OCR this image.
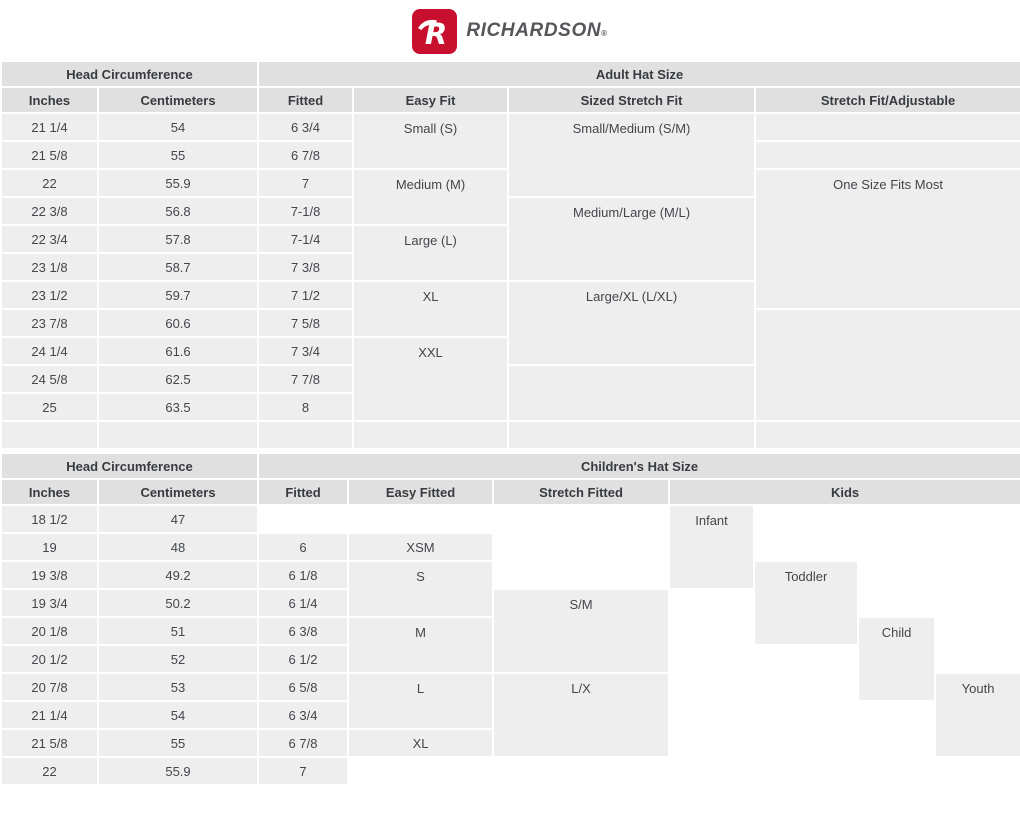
R RICHARDSON®
Head Circumference		Adult Hat Size			
Inches	Centimeters	Fitted	Easy Fit	Sized Stretch Fit	Stretch Fit/Adjustable
21 1/4	54	6 3/4	Small (S)	Small/Medium (S/M)	
21 5/8	55	6 7/8			
22	55.9	7	Medium (M)		One Size Fits Most
22 3/8	56.8	7-1/8		Medium/Large (M/L)	
22 3/4	57.8	7-1/4	Large (L)		
23 1/8	58.7	7 3/8			
23 1/2	59.7	7 1/2	XL	Large/XL (L/XL)	
23 7/8	60.6	7 5/8			
24 1/4	61.6	7 3/4	XXL		
24 5/8	62.5	7 7/8			
25	63.5	8			

Head Circumference		Children's Hat Size						
Inches	Centimeters	Fitted	Easy Fitted	Stretch Fitted	Kids			
18 1/2	47				Infant			
19	48	6	XSM					
19 3/8	49.2	6 1/8	S			Toddler		
19 3/4	50.2	6 1/4		S/M				
20 1/8	51	6 3/8	M				Child	
20 1/2	52	6 1/2						
20 7/8	53	6 5/8	L	L/X				Youth
21 1/4	54	6 3/4						
21 5/8	55	6 7/8	XL					
22	55.9	7						
